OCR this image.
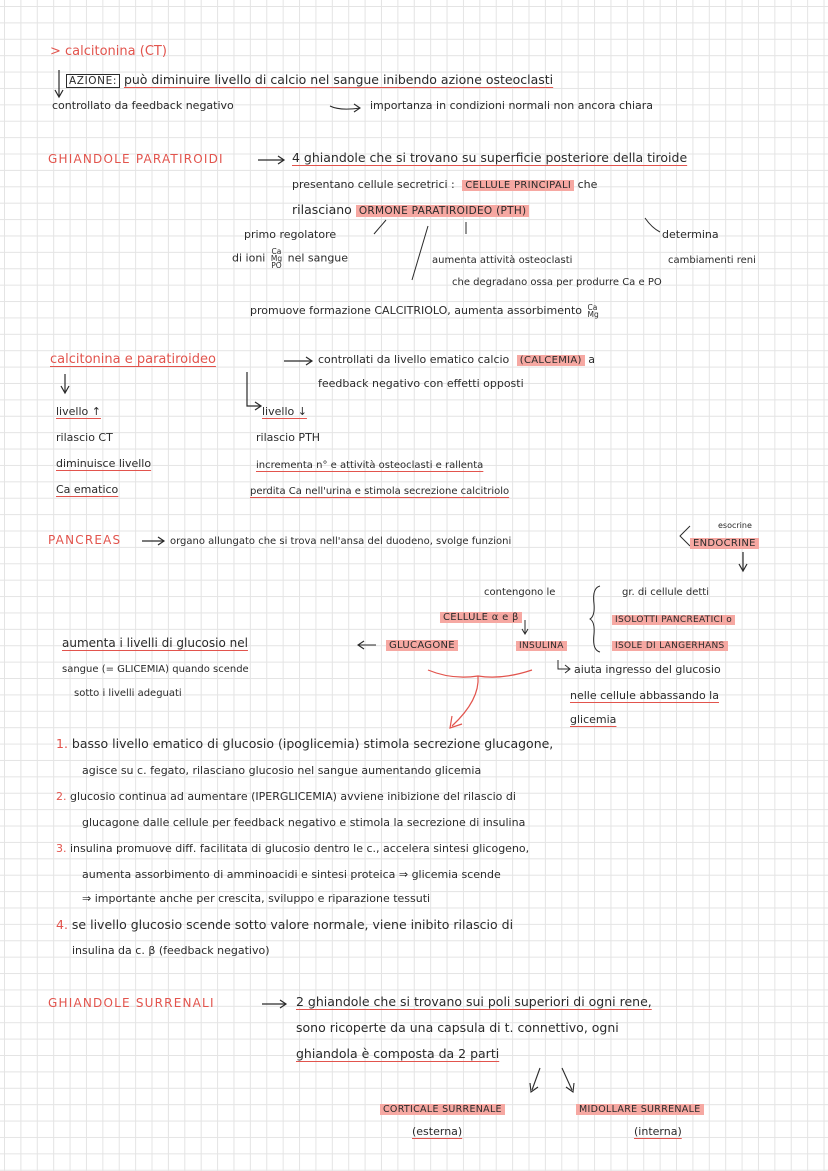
> calcitonina (CT)
AZIONE: può diminuire livello di calcio nel sangue inibendo azione osteoclasti
controllato da feedback negativo	importanza in condizioni normali non ancora chiara
GHIANDOLE PARATIROIDI	4 ghiandole che si trovano su superficie posteriore della tiroide
presentano cellule secretrici : CELLULE PRINCIPALI che
rilasciano ORMONE PARATIROIDEO (PTH)
primo regolatore
di ioni Ca
Mg
PO nel sangue	aumenta attività osteoclasti
che degradano ossa per produrre Ca e PO
determina
cambiamenti reni
promuove formazione CALCITRIOLO, aumenta assorbimento Ca
Mg
calcitonina e paratiroideo	controllati da livello ematico calcio (CALCEMIA) a
feedback negativo con effetti opposti
livello ↑
rilascio CT
diminuisce livello
Ca ematico
livello ↓
rilascio PTH
incrementa n° e attività osteoclasti e rallenta
perdita Ca nell'urina e stimola secrezione calcitriolo
PANCREAS	organo allungato che si trova nell'ansa del duodeno, svolge funzioni
esocrine
ENDOCRINE
contengono le
CELLULE α e β
GLUCAGONE	INSULINA
gr. di cellule detti
ISOLOTTI PANCREATICI o
ISOLE DI LANGERHANS
aumenta i livelli di glucosio nel
sangue (= GLICEMIA) quando scende
sotto i livelli adeguati
aiuta ingresso del glucosio
nelle cellule abbassando la
glicemia
1. basso livello ematico di glucosio (ipoglicemia) stimola secrezione glucagone,
agisce su c. fegato, rilasciano glucosio nel sangue aumentando glicemia
2. glucosio continua ad aumentare (IPERGLICEMIA) avviene inibizione del rilascio di
glucagone dalle cellule per feedback negativo e stimola la secrezione di insulina
3. insulina promuove diff. facilitata di glucosio dentro le c., accelera sintesi glicogeno,
aumenta assorbimento di amminoacidi e sintesi proteica ⇒ glicemia scende
⇒ importante anche per crescita, sviluppo e riparazione tessuti
4. se livello glucosio scende sotto valore normale, viene inibito rilascio di
insulina da c. β (feedback negativo)
GHIANDOLE SURRENALI	2 ghiandole che si trovano sui poli superiori di ogni rene,
sono ricoperte da una capsula di t. connettivo, ogni
ghiandola è composta da 2 parti
CORTICALE SURRENALE	MIDOLLARE SURRENALE
(esterna)	(interna)
